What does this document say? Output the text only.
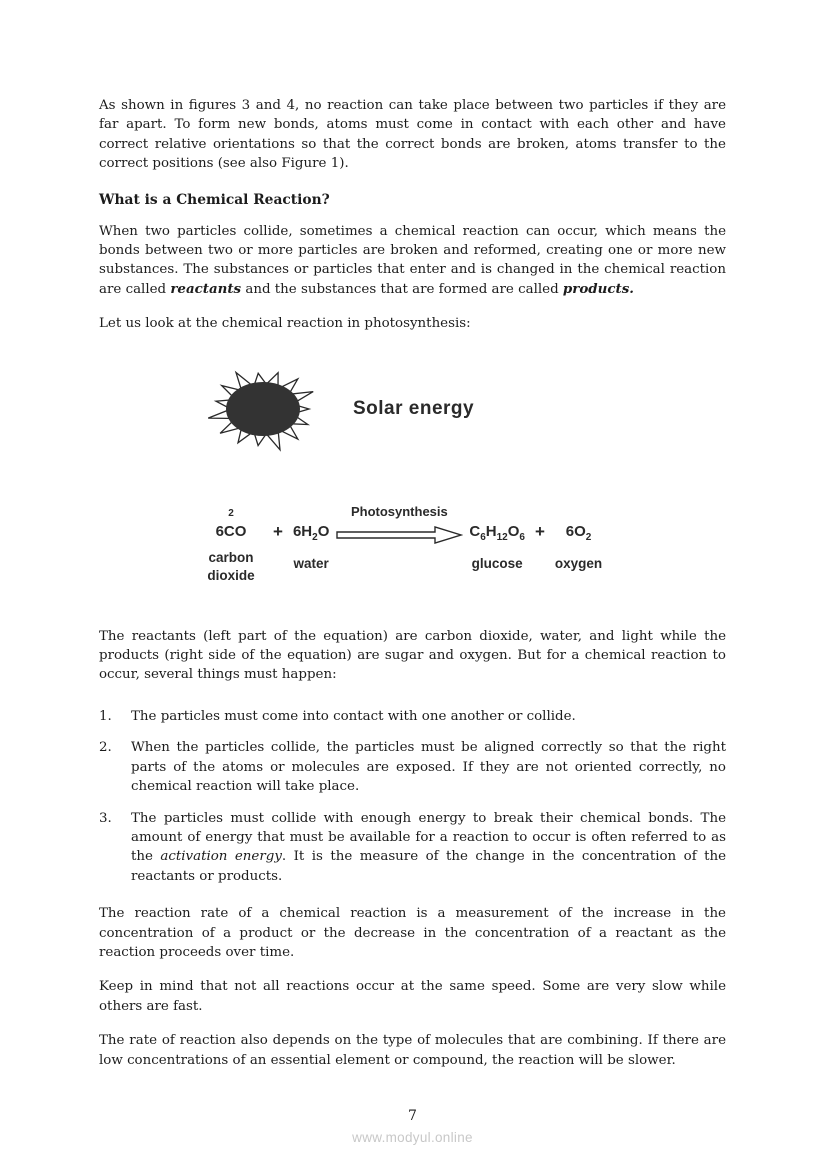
As shown in figures 3 and 4, no reaction can take place between two particles if they are far apart. To form new bonds, atoms must come in contact with each other and have correct relative orientations so that the correct bonds are broken, atoms transfer to the correct positions (see also Figure 1).

What is a Chemical Reaction?

When two particles collide, sometimes a chemical reaction can occur, which means the bonds between two or more particles are broken and reformed, creating one or more new substances. The substances or particles that enter and is changed in the chemical reaction are called reactants and the substances that are formed are called products.

Let us look at the chemical reaction in photosynthesis:

Solar energy
2
6CO
carbon dioxide
+ $6H_2O$
water
Photosynthesis
$C_6H_{12}O_6$
glucose
+ $6O_2$
oxygen

The reactants (left part of the equation) are carbon dioxide, water, and light while the products (right side of the equation) are sugar and oxygen. But for a chemical reaction to occur, several things must happen:

1.	The particles must come into contact with one another or collide.
2.	When the particles collide, the particles must be aligned correctly so that the right parts of the atoms or molecules are exposed. If they are not oriented correctly, no chemical reaction will take place.
3.	The particles must collide with enough energy to break their chemical bonds. The amount of energy that must be available for a reaction to occur is often referred to as the activation energy. It is the measure of the change in the concentration of the reactants or products.

The reaction rate of a chemical reaction is a measurement of the increase in the concentration of a product or the decrease in the concentration of a reactant as the reaction proceeds over time.

Keep in mind that not all reactions occur at the same speed. Some are very slow while others are fast.

The rate of reaction also depends on the type of molecules that are combining. If there are low concentrations of an essential element or compound, the reaction will be slower.

7
www.modyul.online
